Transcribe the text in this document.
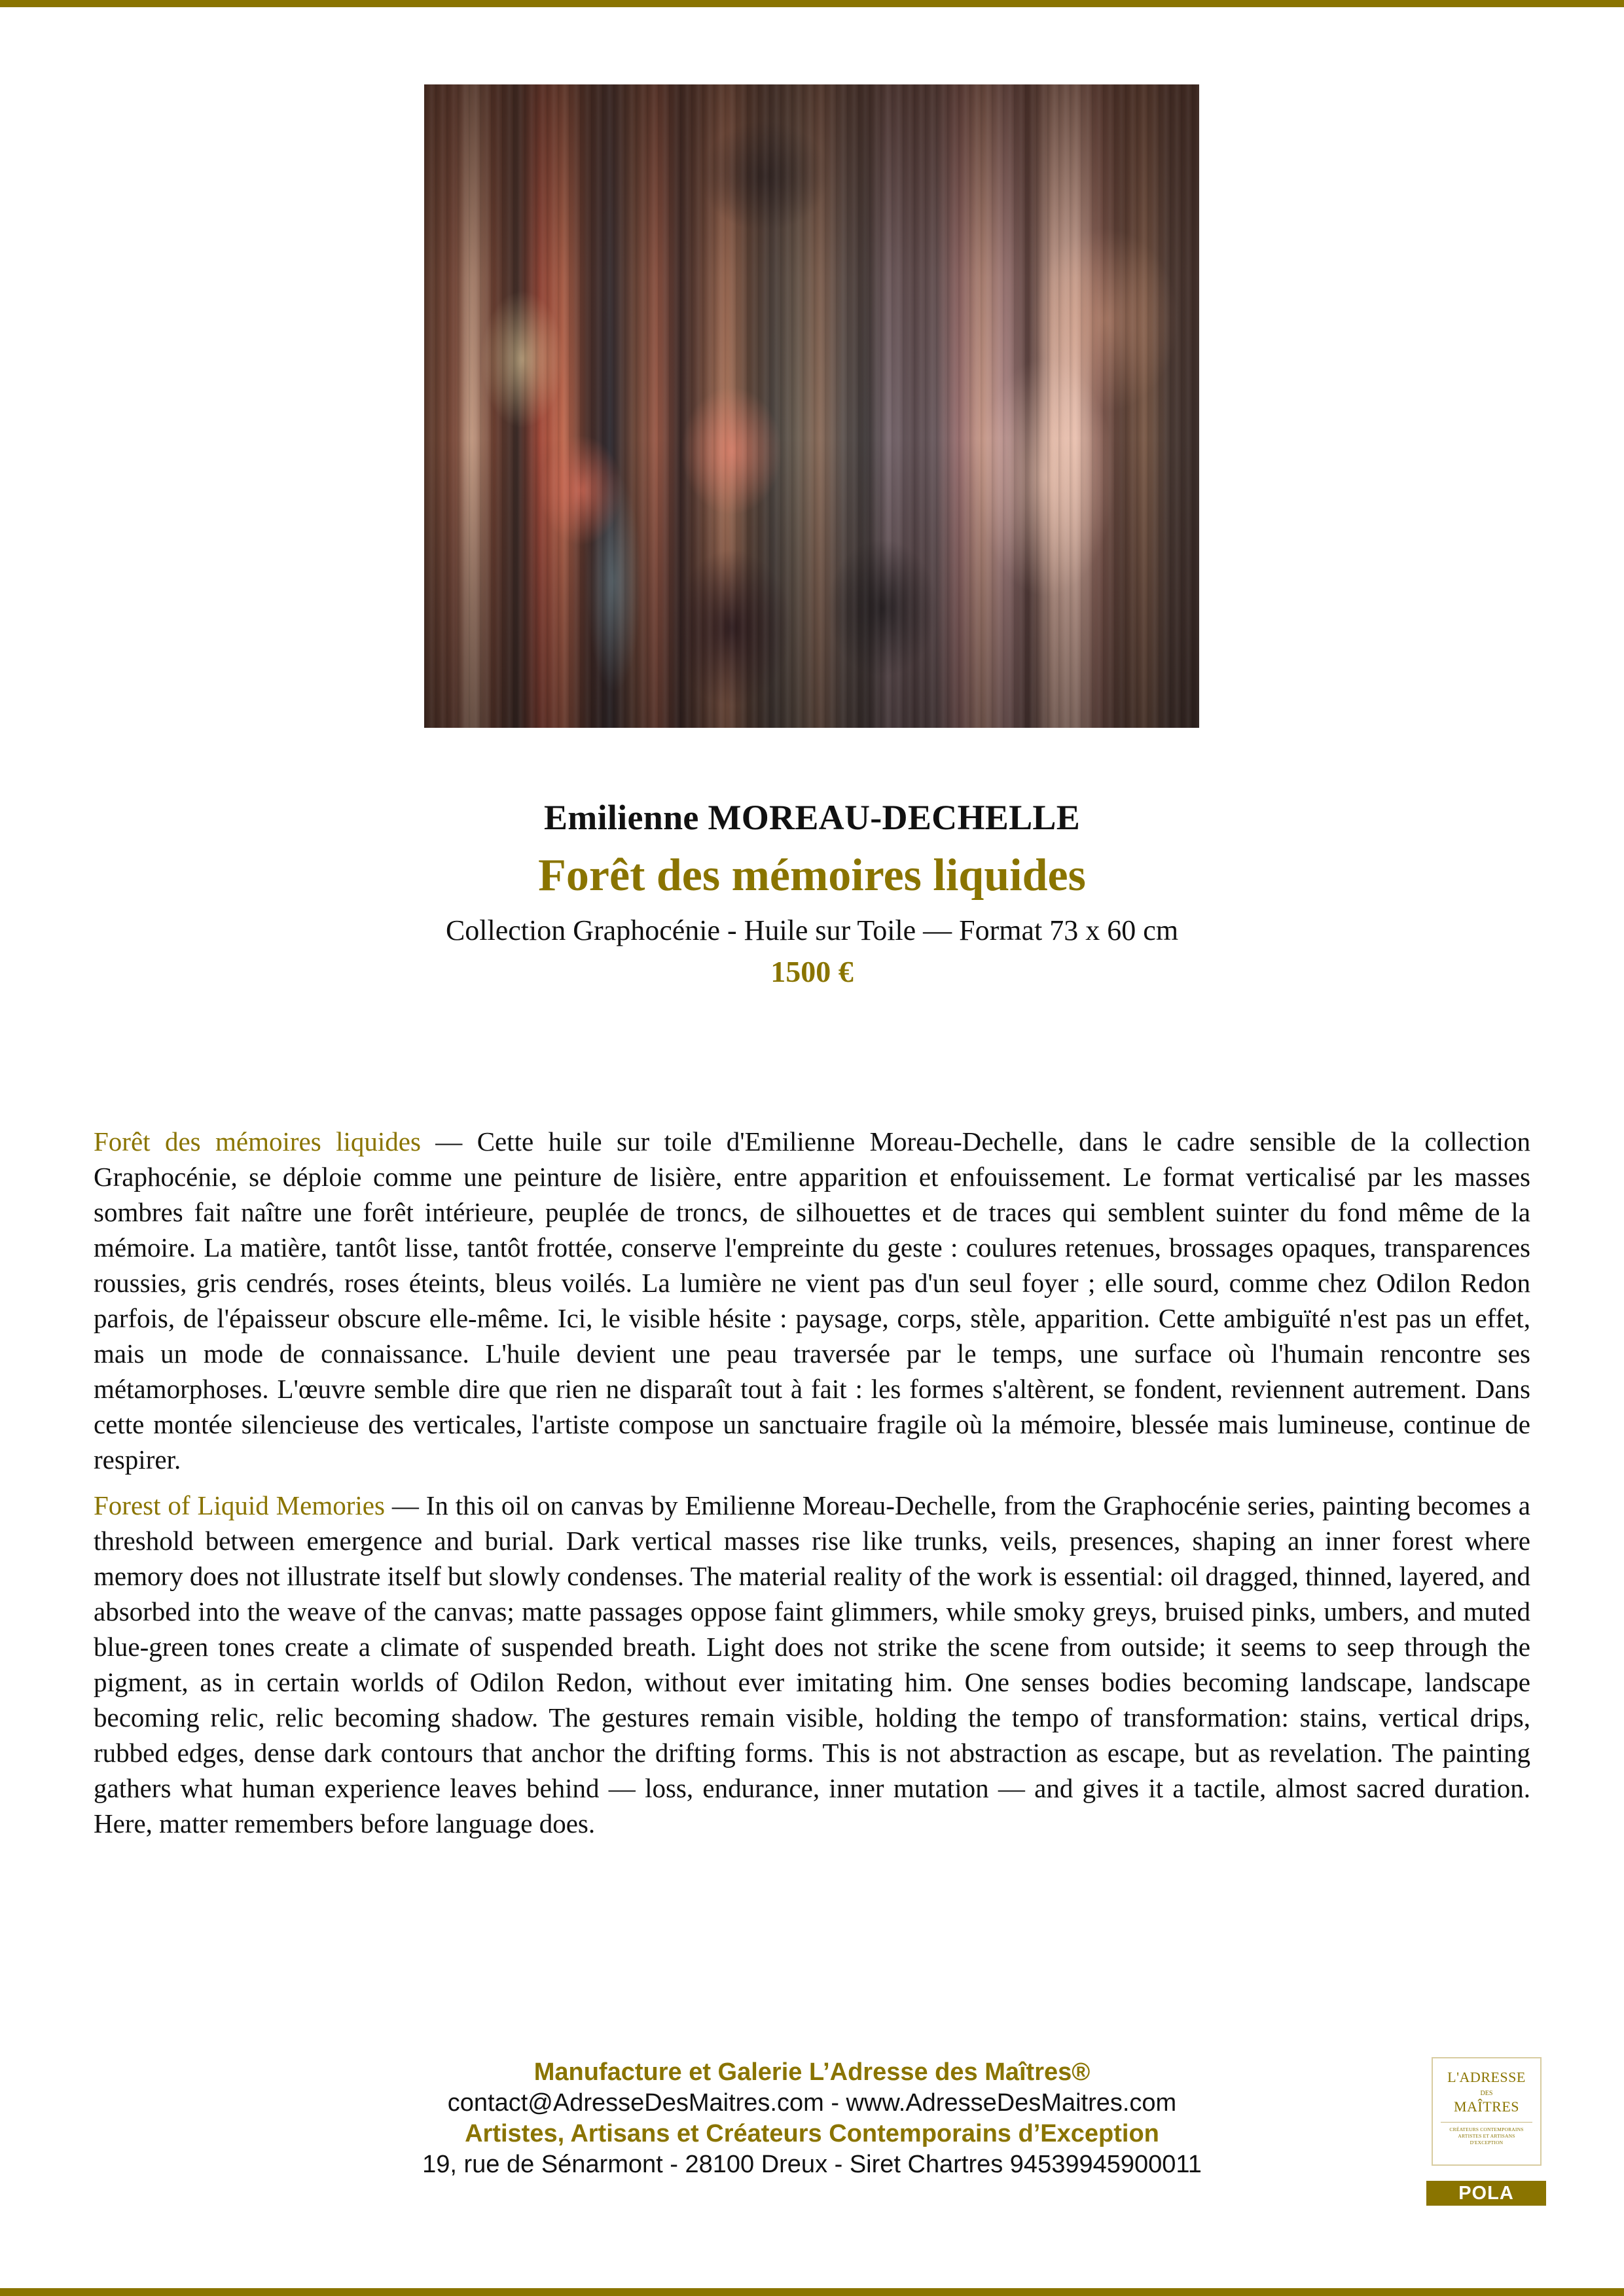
Emilienne MOREAU-DECHELLE
Forêt des mémoires liquides
Collection Graphocénie - Huile sur Toile — Format 73 x 60 cm
1500 €

Forêt des mémoires liquides — Cette huile sur toile d'Emilienne Moreau-Dechelle, dans le cadre sensible de la collection Graphocénie, se déploie comme une peinture de lisière, entre apparition et enfouissement. Le format verticalisé par les masses sombres fait naître une forêt intérieure, peuplée de troncs, de silhouettes et de traces qui semblent suinter du fond même de la mémoire. La matière, tantôt lisse, tantôt frottée, conserve l'empreinte du geste : coulures retenues, brossages opaques, transparences roussies, gris cendrés, roses éteints, bleus voilés. La lumière ne vient pas d'un seul foyer ; elle sourd, comme chez Odilon Redon parfois, de l'épaisseur obscure elle-même. Ici, le visible hésite : paysage, corps, stèle, apparition. Cette ambiguïté n'est pas un effet, mais un mode de connaissance. L'huile devient une peau traversée par le temps, une surface où l'humain rencontre ses métamorphoses. L'œuvre semble dire que rien ne disparaît tout à fait : les formes s'altèrent, se fondent, reviennent autrement. Dans cette montée silencieuse des verticales, l'artiste compose un sanctuaire fragile où la mémoire, blessée mais lumineuse, continue de respirer.

Forest of Liquid Memories — In this oil on canvas by Emilienne Moreau-Dechelle, from the Graphocénie series, painting becomes a threshold between emergence and burial. Dark vertical masses rise like trunks, veils, presences, shaping an inner forest where memory does not illustrate itself but slowly condenses. The material reality of the work is essential: oil dragged, thinned, layered, and absorbed into the weave of the canvas; matte passages oppose faint glimmers, while smoky greys, bruised pinks, umbers, and muted blue-green tones create a climate of suspended breath. Light does not strike the scene from outside; it seems to seep through the pigment, as in certain worlds of Odilon Redon, without ever imitating him. One senses bodies becoming landscape, landscape becoming relic, relic becoming shadow. The gestures remain visible, holding the tempo of transformation: stains, vertical drips, rubbed edges, dense dark contours that anchor the drifting forms. This is not abstraction as escape, but as revelation. The painting gathers what human experience leaves behind — loss, endurance, inner mutation — and gives it a tactile, almost sacred duration. Here, matter remembers before language does.

Manufacture et Galerie L’Adresse des Maîtres®
contact@AdresseDesMaitres.com - www.AdresseDesMaitres.com
Artistes, Artisans et Créateurs Contemporains d’Exception
19, rue de Sénarmont - 28100 Dreux - Siret Chartres 94539945900011
L'ADRESSE
DES
MAÎTRES
CRÉATEURS CONTEMPORAINS
ARTISTES ET ARTISANS
D'EXCEPTION
POLA
